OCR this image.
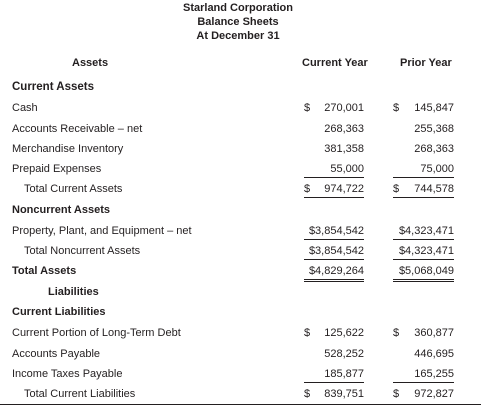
Starland Corporation
Balance Sheets
At December 31
Assets	Current Year	Prior Year
Current Assets
Cash	$ 270,001	$ 145,847
Accounts Receivable – net	268,363	255,368
Merchandise Inventory	381,358	268,363
Prepaid Expenses	55,000	75,000
Total Current Assets	$ 974,722	$ 744,578
Noncurrent Assets
Property, Plant, and Equipment – net	$3,854,542	$4,323,471
Total Noncurrent Assets	$3,854,542	$4,323,471
Total Assets	$4,829,264	$5,068,049
Liabilities
Current Liabilities
Current Portion of Long-Term Debt	$ 125,622	$ 360,877
Accounts Payable	528,252	446,695
Income Taxes Payable	185,877	165,255
Total Current Liabilities	$ 839,751	$ 972,827
